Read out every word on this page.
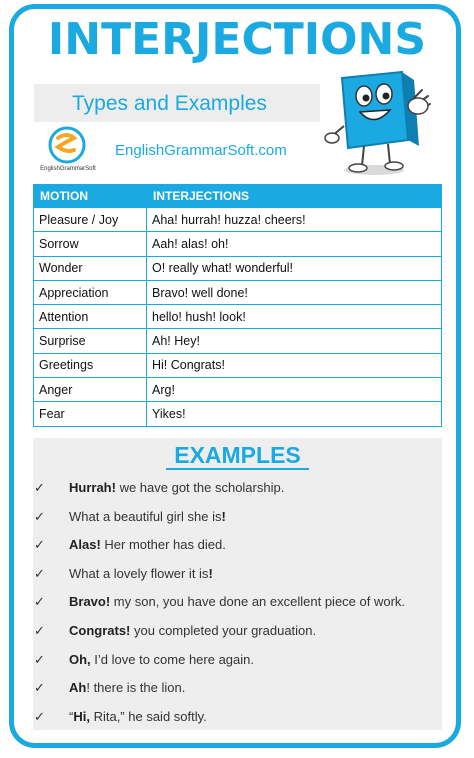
INTERJECTIONS
Types and Examples
EnglishGrammarSoft
EnglishGrammarSoft.com
MOTION	INTERJECTIONS
Pleasure / Joy	Aha! hurrah! huzza! cheers!
Sorrow	Aah! alas! oh!
Wonder	O! really what! wonderful!
Appreciation	Bravo! well done!
Attention	hello! hush! look!
Surprise	Ah! Hey!
Greetings	Hi! Congrats!
Anger	Arg!
Fear	Yikes!
EXAMPLES
✓ Hurrah! we have got the scholarship.
✓ What a beautiful girl she is!
✓ Alas! Her mother has died.
✓ What a lovely flower it is!
✓ Bravo! my son, you have done an excellent piece of work.
✓ Congrats! you completed your graduation.
✓ Oh, I’d love to come here again.
✓ Ah! there is the lion.
✓ “Hi, Rita,” he said softly.
